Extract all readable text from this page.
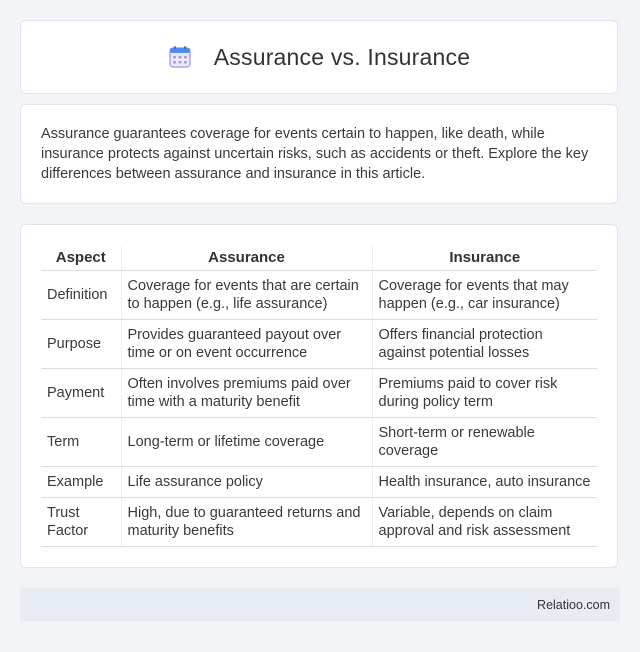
Assurance vs. Insurance
Assurance guarantees coverage for events certain to happen, like death, while insurance protects against uncertain risks, such as accidents or theft. Explore the key differences between assurance and insurance in this article.
Aspect	Assurance	Insurance
Definition	Coverage for events that are certain to happen (e.g., life assurance)	Coverage for events that may happen (e.g., car insurance)
Purpose	Provides guaranteed payout over time or on event occurrence	Offers financial protection against potential losses
Payment	Often involves premiums paid over time with a maturity benefit	Premiums paid to cover risk during policy term
Term	Long-term or lifetime coverage	Short-term or renewable coverage
Example	Life assurance policy	Health insurance, auto insurance
Trust Factor	High, due to guaranteed returns and maturity benefits	Variable, depends on claim approval and risk assessment
Relatioo.com
